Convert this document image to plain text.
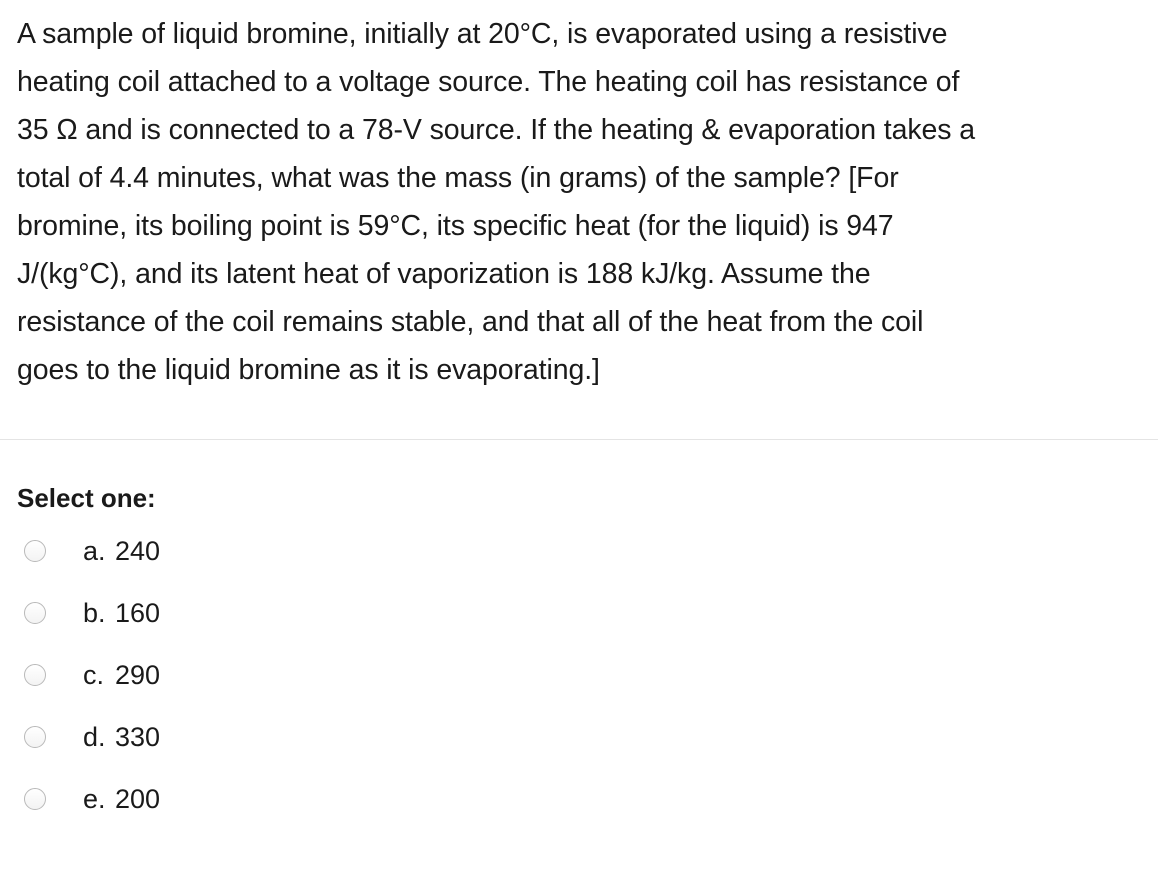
A sample of liquid bromine, initially at 20°C, is evaporated using a resistive
heating coil attached to a voltage source. The heating coil has resistance of
35 Ω and is connected to a 78-V source. If the heating & evaporation takes a
total of 4.4 minutes, what was the mass (in grams) of the sample? [For
bromine, its boiling point is 59°C, its specific heat (for the liquid) is 947
J/(kg°C), and its latent heat of vaporization is 188 kJ/kg. Assume the
resistance of the coil remains stable, and that all of the heat from the coil
goes to the liquid bromine as it is evaporating.]
Select one:
a. 240
b. 160
c. 290
d. 330
e. 200
